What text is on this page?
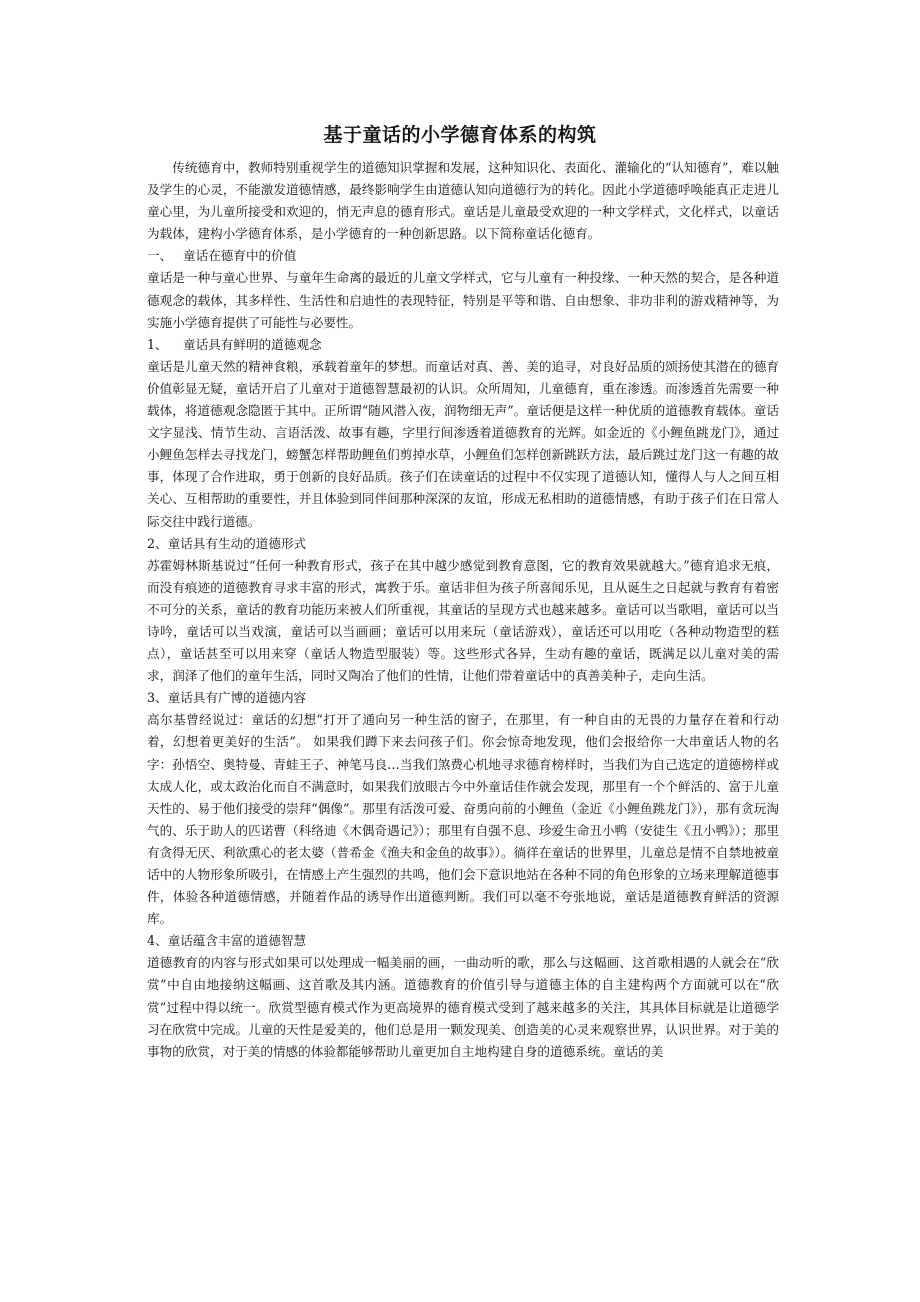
基于童话的小学德育体系的构筑

传统德育中，教师特别重视学生的道德知识掌握和发展，这种知识化、表面化、灌输化的“认知德育”，难以触及学生的心灵，不能激发道德情感，最终影响学生由道德认知向道德行为的转化。因此小学道德呼唤能真正走进儿童心里，为儿童所接受和欢迎的，悄无声息的德育形式。童话是儿童最受欢迎的一种文学样式，文化样式，以童话为载体，建构小学德育体系，是小学德育的一种创新思路。以下简称童话化德育。

一、 童话在德育中的价值

童话是一种与童心世界、与童年生命离的最近的儿童文学样式，它与儿童有一种投缘、一种天然的契合，是各种道德观念的载体，其多样性、生活性和启迪性的表现特征，特别是平等和谐、自由想象、非功非利的游戏精神等，为实施小学德育提供了可能性与必要性。

1、 童话具有鲜明的道德观念

童话是儿童天然的精神食粮，承载着童年的梦想。而童话对真、善、美的追寻，对良好品质的颂扬使其潜在的德育价值彰显无疑，童话开启了儿童对于道德智慧最初的认识。众所周知，儿童德育，重在渗透。而渗透首先需要一种载体，将道德观念隐匿于其中。正所谓“随风潜入夜，润物细无声”。童话便是这样一种优质的道德教育载体。童话文字显浅、情节生动、言语活泼、故事有趣，字里行间渗透着道德教育的光辉。如金近的《小鲤鱼跳龙门》，通过小鲤鱼怎样去寻找龙门，螃蟹怎样帮助鲤鱼们剪掉水草，小鲤鱼们怎样创新跳跃方法，最后跳过龙门这一有趣的故事，体现了合作进取，勇于创新的良好品质。孩子们在读童话的过程中不仅实现了道德认知，懂得人与人之间互相关心、互相帮助的重要性，并且体验到同伴间那种深深的友谊，形成无私相助的道德情感，有助于孩子们在日常人际交往中践行道德。

2、童话具有生动的道德形式

苏霍姆林斯基说过“任何一种教育形式，孩子在其中越少感觉到教育意图，它的教育效果就越大。”德育追求无痕，而没有痕迹的道德教育寻求丰富的形式，寓教于乐。童话非但为孩子所喜闻乐见，且从诞生之日起就与教育有着密不可分的关系，童话的教育功能历来被人们所重视，其童话的呈现方式也越来越多。童话可以当歌唱，童话可以当诗吟，童话可以当戏演，童话可以当画画；童话可以用来玩（童话游戏），童话还可以用吃（各种动物造型的糕点），童话甚至可以用来穿（童话人物造型服装）等。这些形式各异，生动有趣的童话，既满足以儿童对美的需求，润泽了他们的童年生活，同时又陶冶了他们的性情，让他们带着童话中的真善美种子，走向生活。

3、童话具有广博的道德内容

高尔基曾经说过：童话的幻想“打开了通向另一种生活的窗子，在那里，有一种自由的无畏的力量存在着和行动着，幻想着更美好的生活”。 如果我们蹲下来去问孩子们。你会惊奇地发现，他们会报给你一大串童话人物的名字：孙悟空、奥特曼、青蛙王子、神笔马良…当我们煞费心机地寻求德育榜样时，当我们为自己选定的道德榜样或太成人化，或太政治化而自不满意时，如果我们放眼古今中外童话佳作就会发现，那里有一个个鲜活的、富于儿童天性的、易于他们接受的崇拜“偶像”。那里有活泼可爱、奋勇向前的小鲤鱼（金近《小鲤鱼跳龙门》），那有贪玩淘气的、乐于助人的匹诺曹（科络迪《木偶奇遇记》）；那里有自强不息、珍爱生命丑小鸭（安徒生《丑小鸭》）；那里有贪得无厌、利欲熏心的老太婆（普希金《渔夫和金鱼的故事》）。徜徉在童话的世界里，儿童总是情不自禁地被童话中的人物形象所吸引，在情感上产生强烈的共鸣，他们会下意识地站在各种不同的角色形象的立场来理解道德事件，体验各种道德情感，并随着作品的诱导作出道德判断。我们可以毫不夸张地说，童话是道德教育鲜活的资源库。

4、童话蕴含丰富的道德智慧

道德教育的内容与形式如果可以处理成一幅美丽的画，一曲动听的歌，那么与这幅画、这首歌相遇的人就会在“欣赏”中自由地接纳这幅画、这首歌及其内涵。道德教育的价值引导与道德主体的自主建构两个方面就可以在“欣赏”过程中得以统一。欣赏型德育模式作为更高境界的德育模式受到了越来越多的关注，其具体目标就是让道德学习在欣赏中完成。儿童的天性是爱美的，他们总是用一颗发现美、创造美的心灵来观察世界，认识世界。对于美的事物的欣赏，对于美的情感的体验都能够帮助儿童更加自主地构建自身的道德系统。童话的美
